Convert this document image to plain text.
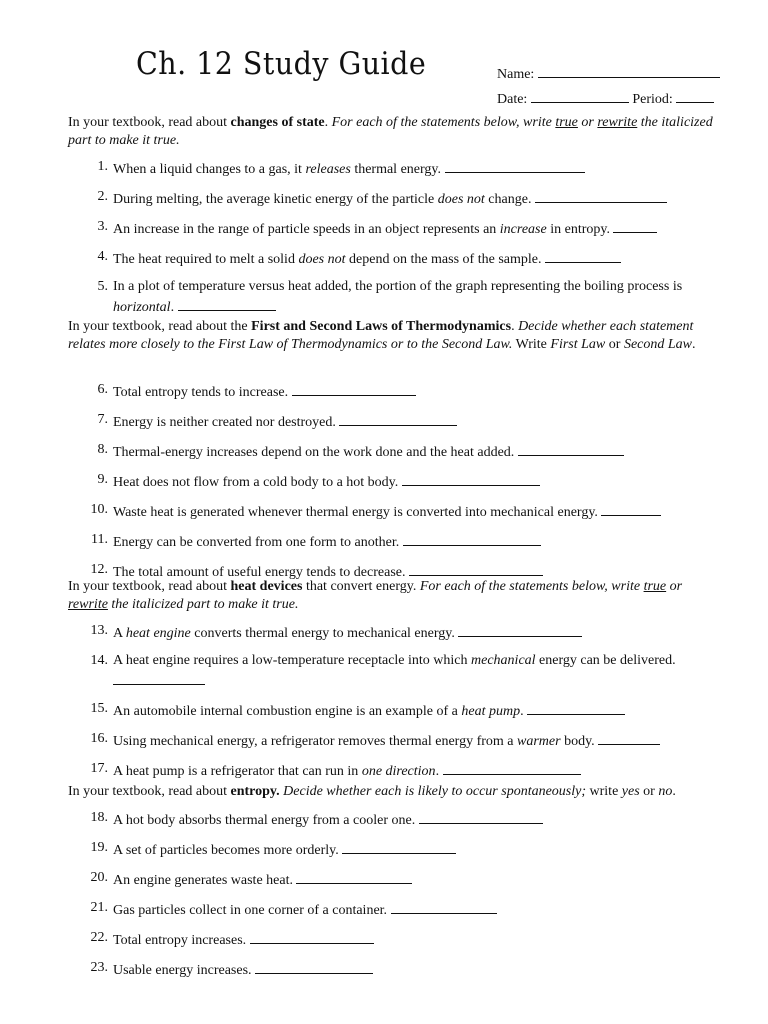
Ch. 12 Study Guide	Name:
Date:	Period:
In your textbook, read about changes of state. For each of the statements below, write true or rewrite the italicized part to make it true.
1. When a liquid changes to a gas, it releases thermal energy.
2. During melting, the average kinetic energy of the particle does not change.
3. An increase in the range of particle speeds in an object represents an increase in entropy.
4. The heat required to melt a solid does not depend on the mass of the sample.
5. In a plot of temperature versus heat added, the portion of the graph representing the boiling process is horizontal.
In your textbook, read about the First and Second Laws of Thermodynamics. Decide whether each statement relates more closely to the First Law of Thermodynamics or to the Second Law. Write First Law or Second Law.
6. Total entropy tends to increase.
7. Energy is neither created nor destroyed.
8. Thermal-energy increases depend on the work done and the heat added.
9. Heat does not flow from a cold body to a hot body.
10. Waste heat is generated whenever thermal energy is converted into mechanical energy.
11. Energy can be converted from one form to another.
12. The total amount of useful energy tends to decrease.
In your textbook, read about heat devices that convert energy. For each of the statements below, write true or rewrite the italicized part to make it true.
13. A heat engine converts thermal energy to mechanical energy.
14. A heat engine requires a low-temperature receptacle into which mechanical energy can be delivered.
15. An automobile internal combustion engine is an example of a heat pump.
16. Using mechanical energy, a refrigerator removes thermal energy from a warmer body.
17. A heat pump is a refrigerator that can run in one direction.
In your textbook, read about entropy. Decide whether each is likely to occur spontaneously; write yes or no.
18. A hot body absorbs thermal energy from a cooler one.
19. A set of particles becomes more orderly.
20. An engine generates waste heat.
21. Gas particles collect in one corner of a container.
22. Total entropy increases.
23. Usable energy increases.
